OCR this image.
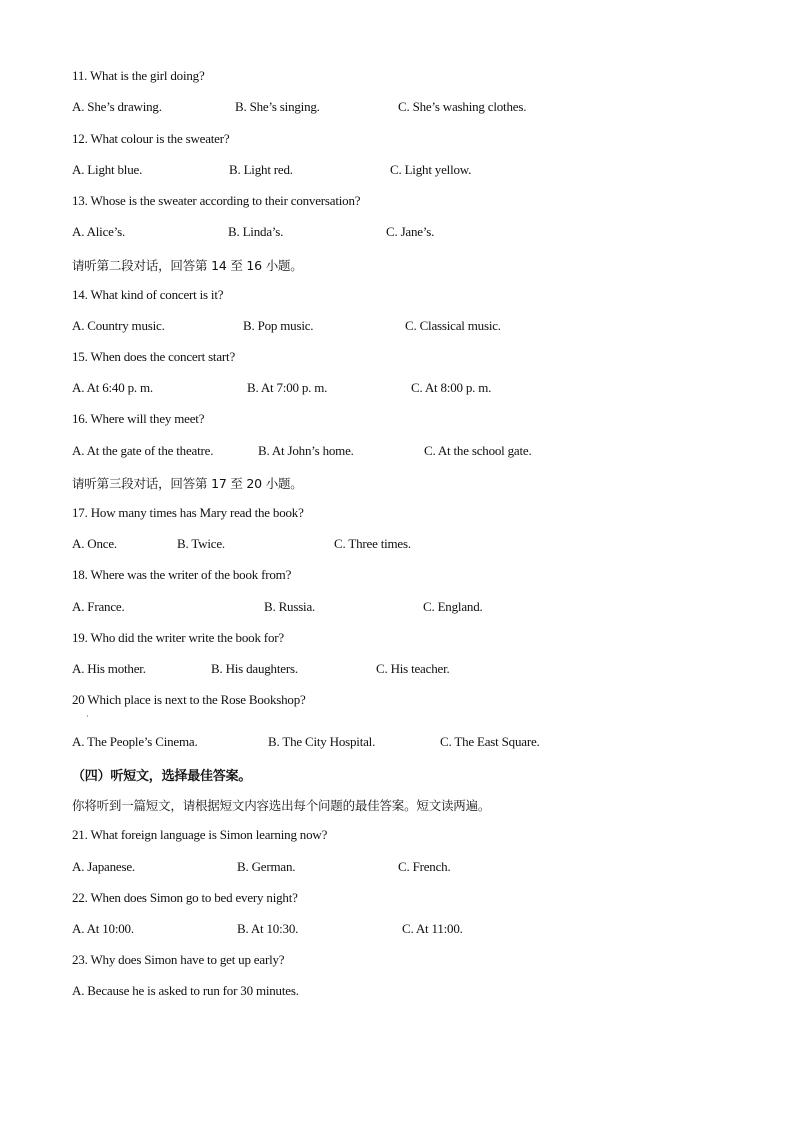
11. What is the girl doing?
A. She’s drawing.	B. She’s singing.	C. She’s washing clothes.
12. What colour is the sweater?
A. Light blue.	B. Light red.	C. Light yellow.
13. Whose is the sweater according to their conversation?
A. Alice’s.	B. Linda’s.	C. Jane’s.
请听第二段对话，回答第 14 至 16 小题。
14. What kind of concert is it?
A. Country music.	B. Pop music.	C. Classical music.
15. When does the concert start?
A. At 6:40 p. m.	B. At 7:00 p. m.	C. At 8:00 p. m.
16. Where will they meet?
A. At the gate of the theatre.	B. At John’s home.	C. At the school gate.
请听第三段对话，回答第 17 至 20 小题。
17. How many times has Mary read the book?
A. Once.	B. Twice.	C. Three times.
18. Where was the writer of the book from?
A. France.	B. Russia.	C. England.
19. Who did the writer write the book for?
A. His mother.	B. His daughters.	C. His teacher.
20 Which place is next to the Rose Bookshop?
·
A. The People’s Cinema.	B. The City Hospital.	C. The East Square.
（四）听短文，选择最佳答案。
你将听到一篇短文，请根据短文内容选出每个问题的最佳答案。短文读两遍。
21. What foreign language is Simon learning now?
A. Japanese.	B. German.	C. French.
22. When does Simon go to bed every night?
A. At 10:00.	B. At 10:30.	C. At 11:00.
23. Why does Simon have to get up early?
A. Because he is asked to run for 30 minutes.
